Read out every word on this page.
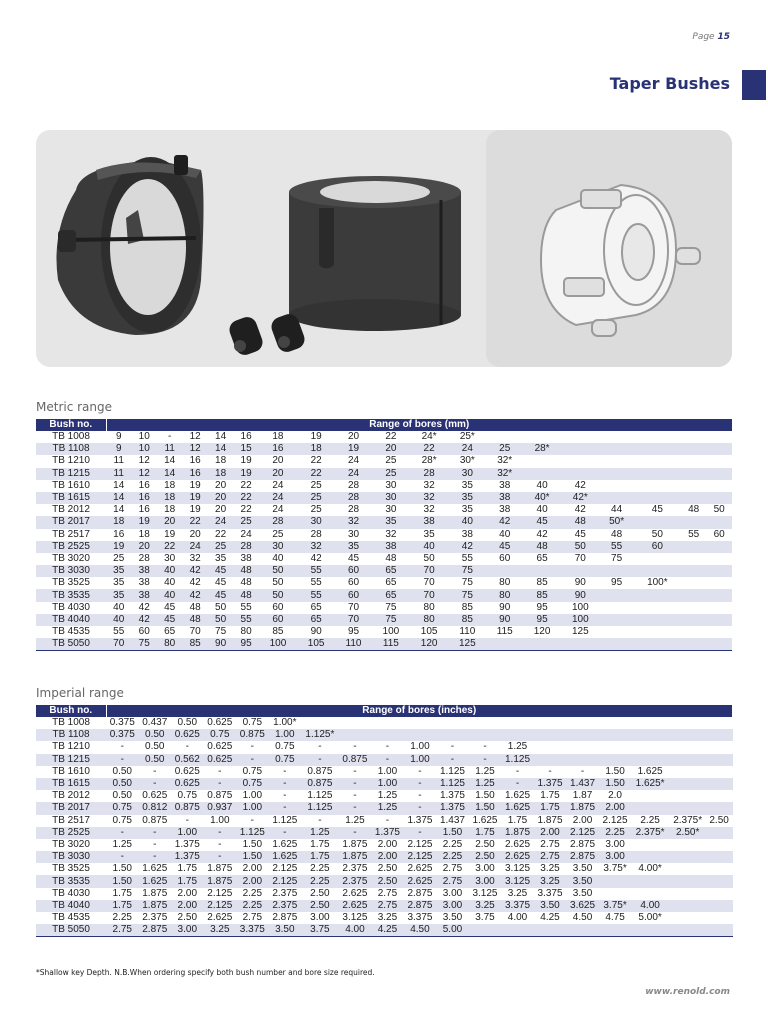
Page 15
Taper Bushes
Metric range
Bush no.	Range of bores (mm)																		
TB 1008	9	10	-	12	14	16	18	19	20	22	24*	25*							
TB 1108	9	10	11	12	14	15	16	18	19	20	22	24	25	28*					
TB 1210	11	12	14	16	18	19	20	22	24	25	28*	30*	32*						
TB 1215	11	12	14	16	18	19	20	22	24	25	28	30	32*						
TB 1610	14	16	18	19	20	22	24	25	28	30	32	35	38	40	42				
TB 1615	14	16	18	19	20	22	24	25	28	30	32	35	38	40*	42*				
TB 2012	14	16	18	19	20	22	24	25	28	30	32	35	38	40	42	44	45	48	50
TB 2017	18	19	20	22	24	25	28	30	32	35	38	40	42	45	48	50*			
TB 2517	16	18	19	20	22	24	25	28	30	32	35	38	40	42	45	48	50	55	60
TB 2525	19	20	22	24	25	28	30	32	35	38	40	42	45	48	50	55	60		
TB 3020	25	28	30	32	35	38	40	42	45	48	50	55	60	65	70	75			
TB 3030	35	38	40	42	45	48	50	55	60	65	70	75							
TB 3525	35	38	40	42	45	48	50	55	60	65	70	75	80	85	90	95	100*		
TB 3535	35	38	40	42	45	48	50	55	60	65	70	75	80	85	90				
TB 4030	40	42	45	48	50	55	60	65	70	75	80	85	90	95	100				
TB 4040	40	42	45	48	50	55	60	65	70	75	80	85	90	95	100				
TB 4535	55	60	65	70	75	80	85	90	95	100	105	110	115	120	125				
TB 5050	70	75	80	85	90	95	100	105	110	115	120	125							
Imperial range
Bush no.	Range of bores (inches)																			
TB 1008	0.375	0.437	0.50	0.625	0.75	1.00*														
TB 1108	0.375	0.50	0.625	0.75	0.875	1.00	1.125*													
TB 1210	-	0.50	-	0.625	-	0.75	-	-	-	1.00	-	-	1.25							
TB 1215	-	0.50	0.562	0.625	-	0.75	-	0.875	-	1.00	-	-	1.125							
TB 1610	0.50	-	0.625	-	0.75	-	0.875	-	1.00	-	1.125	1.25	-	-	-	1.50	1.625			
TB 1615	0.50	-	0.625	-	0.75	-	0.875	-	1.00	-	1.125	1.25	-	1.375	1.437	1.50	1.625*			
TB 2012	0.50	0.625	0.75	0.875	1.00	-	1.125	-	1.25	-	1.375	1.50	1.625	1.75	1.87	2.0				
TB 2017	0.75	0.812	0.875	0.937	1.00	-	1.125	-	1.25	-	1.375	1.50	1.625	1.75	1.875	2.00				
TB 2517	0.75	0.875	-	1.00	-	1.125	-	1.25	-	1.375	1.437	1.625	1.75	1.875	2.00	2.125	2.25	2.375*	2.50	
TB 2525	-	-	1.00	-	1.125	-	1.25	-	1.375	-	1.50	1.75	1.875	2.00	2.125	2.25	2.375*	2.50*		
TB 3020	1.25	-	1.375	-	1.50	1.625	1.75	1.875	2.00	2.125	2.25	2.50	2.625	2.75	2.875	3.00				
TB 3030	-	-	1.375	-	1.50	1.625	1.75	1.875	2.00	2.125	2.25	2.50	2.625	2.75	2.875	3.00				
TB 3525	1.50	1.625	1.75	1.875	2.00	2.125	2.25	2.375	2.50	2.625	2.75	3.00	3.125	3.25	3.50	3.75*	4.00*			
TB 3535	1.50	1.625	1.75	1.875	2.00	2.125	2.25	2.375	2.50	2.625	2.75	3.00	3.125	3.25	3.50					
TB 4030	1.75	1.875	2.00	2.125	2.25	2.375	2.50	2.625	2.75	2.875	3.00	3.125	3.25	3.375	3.50					
TB 4040	1.75	1.875	2.00	2.125	2.25	2.375	2.50	2.625	2.75	2.875	3.00	3.25	3.375	3.50	3.625	3.75*	4.00			
TB 4535	2.25	2.375	2.50	2.625	2.75	2.875	3.00	3.125	3.25	3.375	3.50	3.75	4.00	4.25	4.50	4.75	5.00*			
TB 5050	2.75	2.875	3.00	3.25	3.375	3.50	3.75	4.00	4.25	4.50	5.00									
*Shallow key Depth. N.B.When ordering specify both bush number and bore size required.
www.renold.com
